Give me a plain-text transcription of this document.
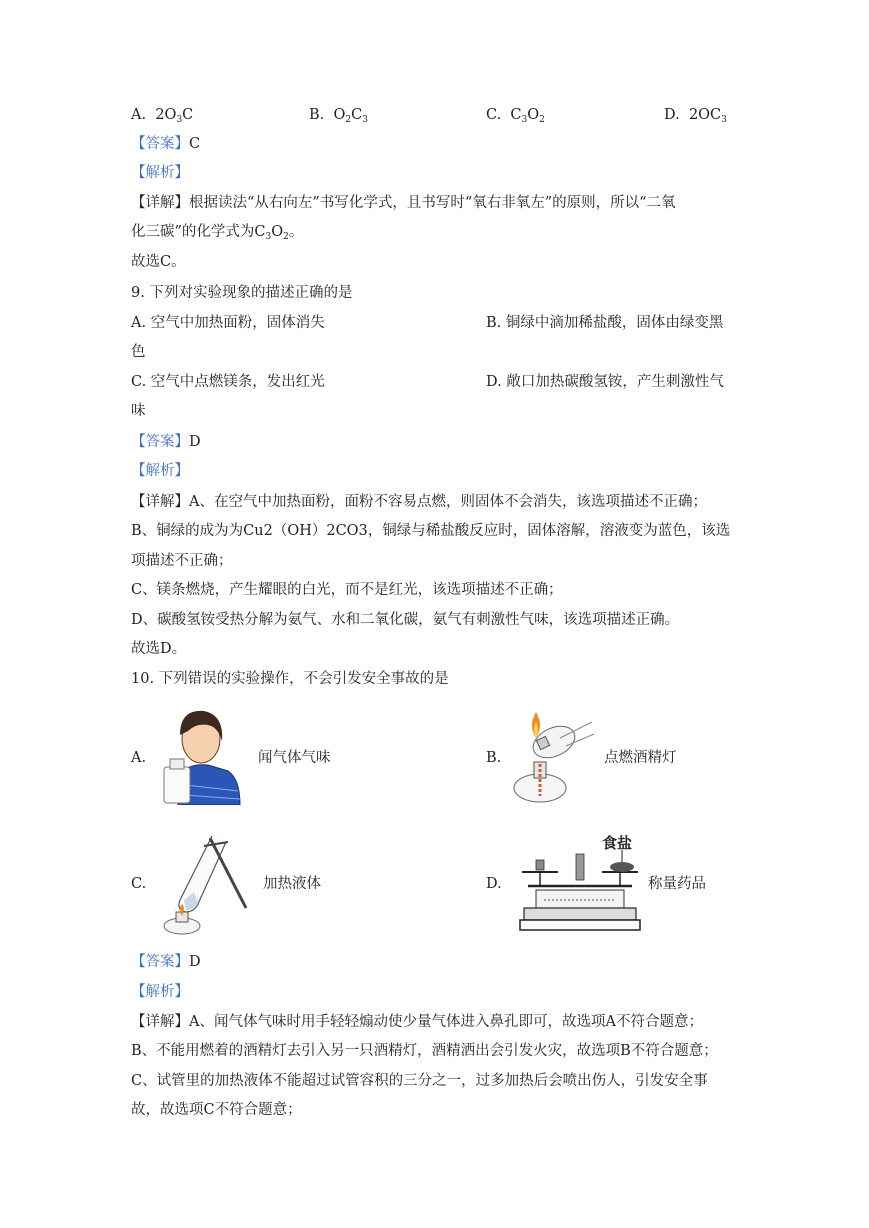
A. $2O_3C$	B. $O_2C_3$	C. $C_3O_2$	D. $2OC_3$
【答案】C
【解析】
【详解】根据读法“从右向左”书写化学式，且书写时“氧右非氧左”的原则，所以“二氧
化三碳”的化学式为$C_3O_2$。
故选C。
9. 下列对实验现象的描述正确的是
A. 空气中加热面粉，固体消失	B. 铜绿中滴加稀盐酸，固体由绿变黑
色
C. 空气中点燃镁条，发出红光	D. 敞口加热碳酸氢铵，产生刺激性气
味
【答案】D
【解析】
【详解】A、在空气中加热面粉，面粉不容易点燃，则固体不会消失，该选项描述不正确；
B、铜绿的成为为Cu2（OH）2CO3，铜绿与稀盐酸反应时，固体溶解，溶液变为蓝色，该选
项描述不正确；
C、镁条燃烧，产生耀眼的白光，而不是红光，该选项描述不正确；
D、碳酸氢铵受热分解为氨气、水和二氧化碳，氨气有刺激性气味，该选项描述正确。
故选D。
10. 下列错误的实验操作，不会引发安全事故的是
A.	闻气体气味	B.	点燃酒精灯
C.	加热液体	D.
食盐
称量药品
【答案】D
【解析】
【详解】A、闻气体气味时用手轻轻煽动使少量气体进入鼻孔即可，故选项A不符合题意；
B、不能用燃着的酒精灯去引入另一只酒精灯，酒精洒出会引发火灾，故选项B不符合题意；
C、试管里的加热液体不能超过试管容积的三分之一，过多加热后会喷出伤人，引发安全事
故，故选项C不符合题意；
